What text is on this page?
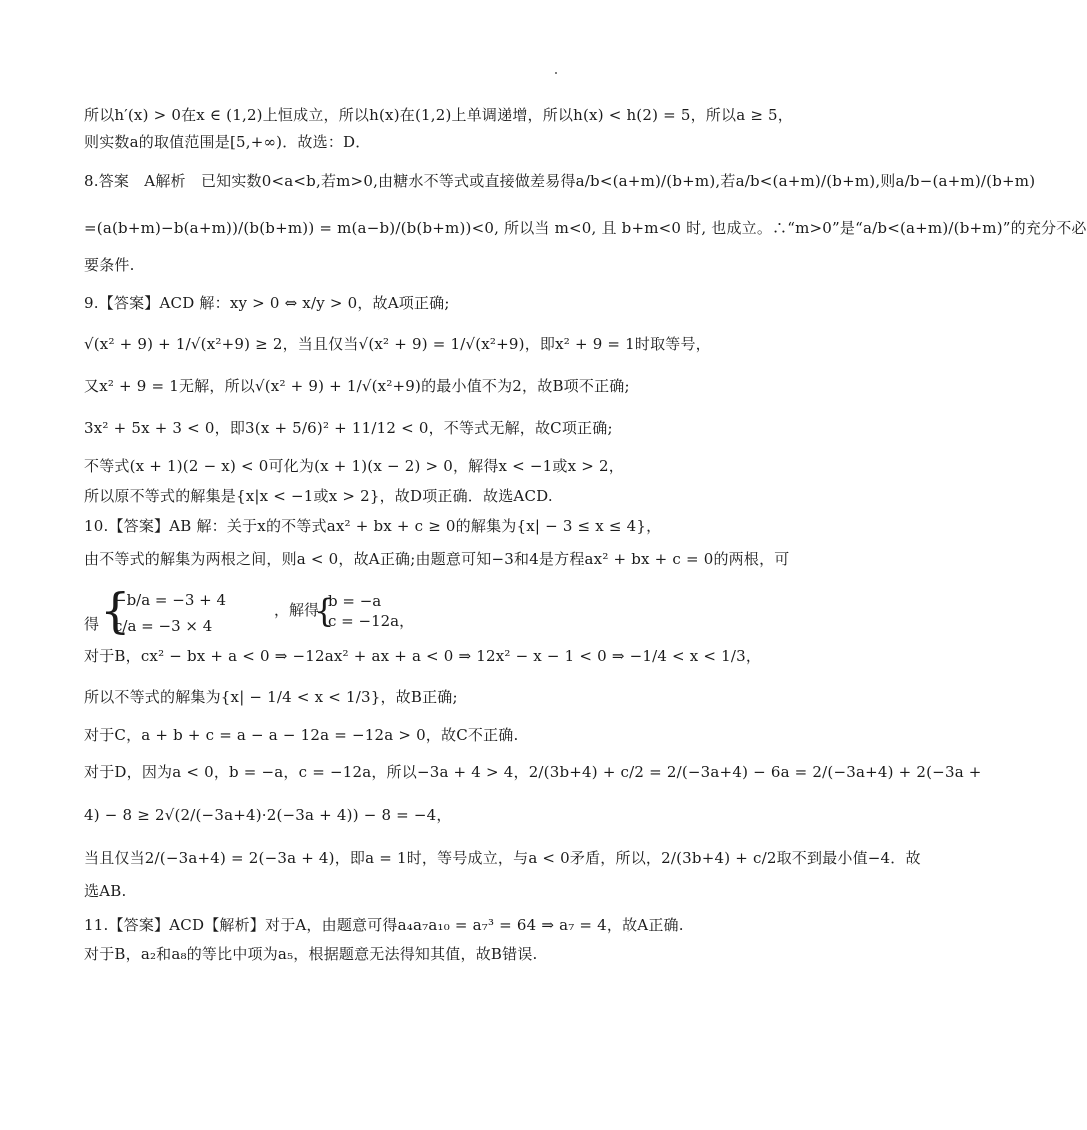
所以h′(x) > 0在x ∈ (1,2)上恒成立，所以h(x)在(1,2)上单调递增，所以h(x) < h(2) = 5，所以a ≥ 5，
则实数a的取值范围是[5,+∞)．故选：D．
8.答案　A解析　已知实数0<a<b,若m>0,由糖水不等式或直接做差易得a/b<(a+m)/(b+m),若a/b<(a+m)/(b+m),则a/b−(a+m)/(b+m)
=(a(b+m)−b(a+m))/(b(b+m)) = m(a−b)/(b(b+m))<0, 所以当 m<0, 且 b+m<0 时, 也成立。∴“m>0”是“a/b<(a+m)/(b+m)”的充分不必
要条件.
9.【答案】ACD 解：xy > 0 ⇔ x/y > 0，故A项正确;
√(x² + 9) + 1/√(x²+9) ≥ 2，当且仅当√(x² + 9) = 1/√(x²+9)，即x² + 9 = 1时取等号，
又x² + 9 = 1无解，所以√(x² + 9) + 1/√(x²+9)的最小值不为2，故B项不正确;
3x² + 5x + 3 < 0，即3(x + 5/6)² + 11/12 < 0，不等式无解，故C项正确;
不等式(x + 1)(2 − x) < 0可化为(x + 1)(x − 2) > 0，解得x < −1或x > 2，
所以原不等式的解集是{x|x < −1或x > 2}，故D项正确．故选ACD.
10.【答案】AB 解：关于x的不等式ax² + bx + c ≥ 0的解集为{x| − 3 ≤ x ≤ 4}，
由不等式的解集为两根之间，则a < 0，故A正确;由题意可知−3和4是方程ax² + bx + c = 0的两根，可
得 {
−b/a = −3 + 4
c/a = −3 × 4
，解得
{
b = −a
c = −12a，
对于B，cx² − bx + a < 0 ⇒ −12ax² + ax + a < 0 ⇒ 12x² − x − 1 < 0 ⇒ −1/4 < x < 1/3，
所以不等式的解集为{x| − 1/4 < x < 1/3}，故B正确;
对于C，a + b + c = a − a − 12a = −12a > 0，故C不正确.
对于D，因为a < 0，b = −a，c = −12a，所以−3a + 4 > 4，2/(3b+4) + c/2 = 2/(−3a+4) − 6a = 2/(−3a+4) + 2(−3a +
4) − 8 ≥ 2√(2/(−3a+4)·2(−3a + 4)) − 8 = −4，
当且仅当2/(−3a+4) = 2(−3a + 4)，即a = 1时，等号成立，与a < 0矛盾，所以，2/(3b+4) + c/2取不到最小值−4．故
选AB.
11.【答案】ACD【解析】对于A，由题意可得a₄a₇a₁₀ = a₇³ = 64 ⇒ a₇ = 4，故A正确.
对于B，a₂和a₈的等比中项为a₅，根据题意无法得知其值，故B错误.
